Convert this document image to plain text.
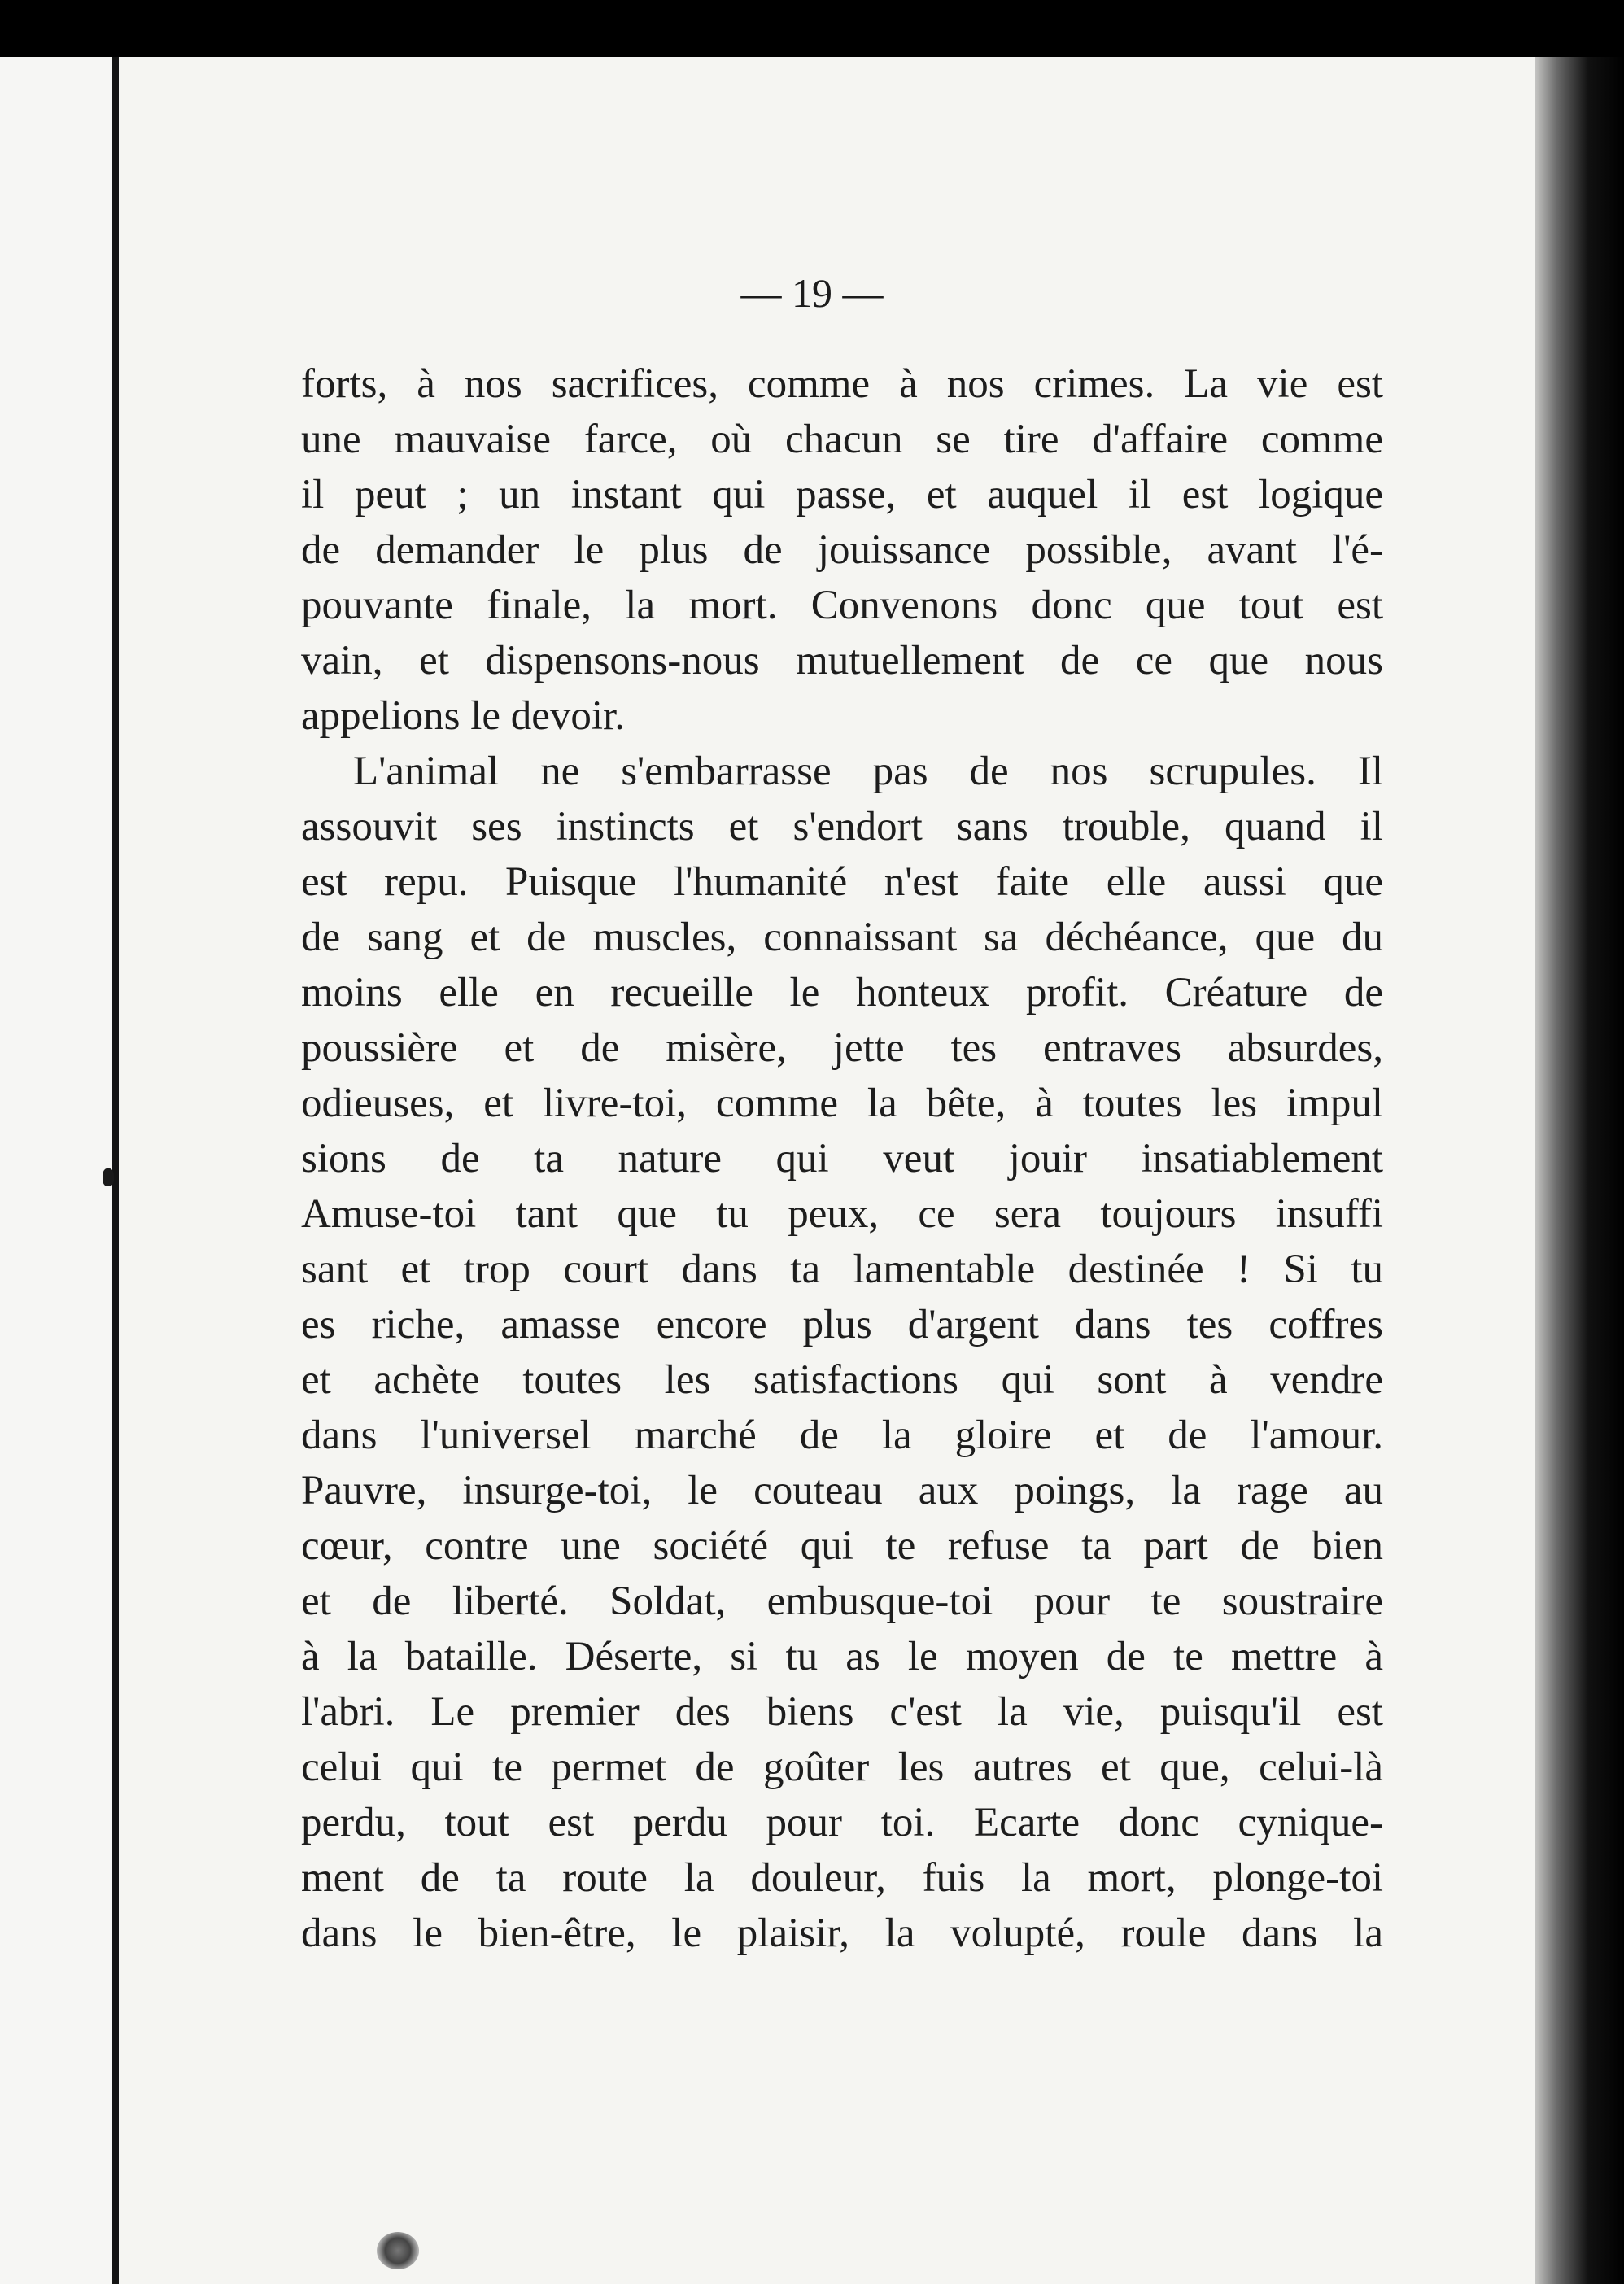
— 19 —
forts, à nos sacrifices, comme à nos crimes. La vie est
une mauvaise farce, où chacun se tire d'affaire comme
il peut ; un instant qui passe, et auquel il est logique
de demander le plus de jouissance possible, avant l'é-
pouvante finale, la mort. Convenons donc que tout est
vain, et dispensons-nous mutuellement de ce que nous
appelions le devoir.
L'animal ne s'embarrasse pas de nos scrupules. Il
assouvit ses instincts et s'endort sans trouble, quand il
est repu. Puisque l'humanité n'est faite elle aussi que
de sang et de muscles, connaissant sa déchéance, que du
moins elle en recueille le honteux profit. Créature de
poussière et de misère, jette tes entraves absurdes,
odieuses, et livre-toi, comme la bête, à toutes les impul
sions de ta nature qui veut jouir insatiablement
Amuse-toi tant que tu peux, ce sera toujours insuffi
sant et trop court dans ta lamentable destinée ! Si tu
es riche, amasse encore plus d'argent dans tes coffres
et achète toutes les satisfactions qui sont à vendre
dans l'universel marché de la gloire et de l'amour.
Pauvre, insurge-toi, le couteau aux poings, la rage au
cœur, contre une société qui te refuse ta part de bien
et de liberté. Soldat, embusque-toi pour te soustraire
à la bataille. Déserte, si tu as le moyen de te mettre à
l'abri. Le premier des biens c'est la vie, puisqu'il est
celui qui te permet de goûter les autres et que, celui-là
perdu, tout est perdu pour toi. Ecarte donc cynique-
ment de ta route la douleur, fuis la mort, plonge-toi
dans le bien-être, le plaisir, la volupté, roule dans la
